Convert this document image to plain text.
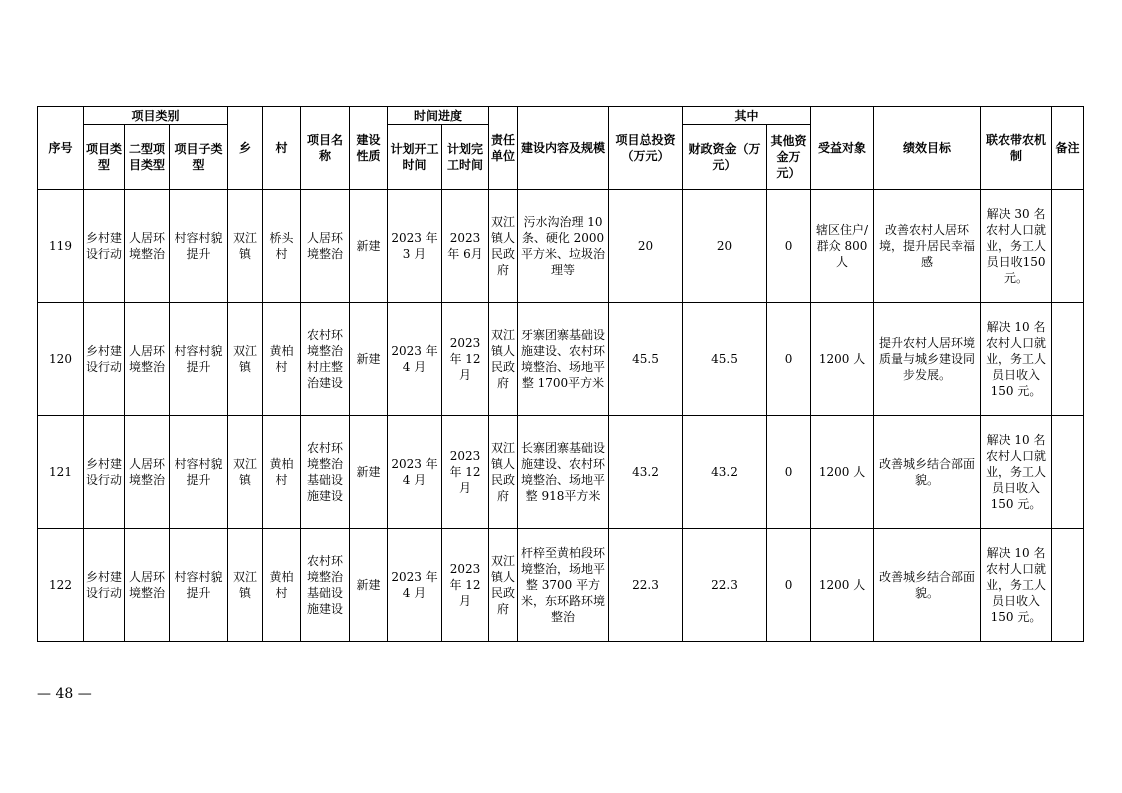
序号	项目类别			乡	村	项目名称	建设性质	时间进度		责任单位	建设内容及规模	项目总投资（万元）	其中		受益对象	绩效目标	联农带农机制	备注
	项目类型	二型项目类型	项目子类型					计划开工时间	计划完工时间				财政资金（万元）	其他资金万元）				
119	乡村建设行动	人居环境整治	村容村貌提升	双江镇	桥头村	人居环境整治	新建	2023 年3 月	2023年 6月	双江镇人民政府	污水沟治理 10条、硬化 2000平方米、垃圾治理等	20	20	0	辖区住户/群众 800人	改善农村人居环境，提升居民幸福感	解决 30 名农村人口就业，务工人员日收150 元。	
120	乡村建设行动	人居环境整治	村容村貌提升	双江镇	黄柏村	农村环境整治村庄整治建设	新建	2023 年4 月	2023年 12月	双江镇人民政府	牙寨团寨基础设施建设、农村环境整治、场地平整 1700平方米	45.5	45.5	0	1200 人	提升农村人居环境质量与城乡建设同步发展。	解决 10 名农村人口就业，务工人员日收入 150 元。	
121	乡村建设行动	人居环境整治	村容村貌提升	双江镇	黄柏村	农村环境整治基础设施建设	新建	2023 年4 月	2023年 12月	双江镇人民政府	长寨团寨基础设施建设、农村环境整治、场地平整 918平方米	43.2	43.2	0	1200 人	改善城乡结合部面貌。	解决 10 名农村人口就业，务工人员日收入 150 元。	
122	乡村建设行动	人居环境整治	村容村貌提升	双江镇	黄柏村	农村环境整治基础设施建设	新建	2023 年4 月	2023年 12月	双江镇人民政府	杆梓至黄柏段环境整治，场地平整 3700 平方米，东环路环境整治	22.3	22.3	0	1200 人	改善城乡结合部面貌。	解决 10 名农村人口就业，务工人员日收入 150 元。	
— 48 —
